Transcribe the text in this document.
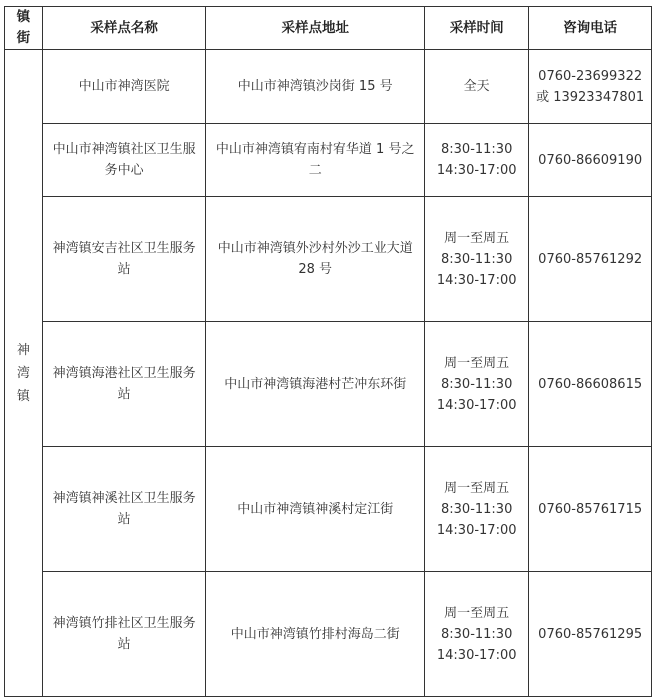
镇街	采样点名称	采样点地址	采样时间	咨询电话

神
湾
镇	中山市神湾医院	中山市神湾镇沙岗街 15 号	全天	0760-23699322
或 13923347801

	中山市神湾镇社区卫生服务中心	中山市神湾镇宥南村宥华道 1 号之二	8:30-11:30
14:30-17:00	0760-86609190

	神湾镇安吉社区卫生服务站	中山市神湾镇外沙村外沙工业大道 28 号	周一至周五
8:30-11:30
14:30-17:00	0760-85761292

	神湾镇海港社区卫生服务站	中山市神湾镇海港村芒冲东环街	周一至周五
8:30-11:30
14:30-17:00	0760-86608615

	神湾镇神溪社区卫生服务站	中山市神湾镇神溪村定江街	周一至周五
8:30-11:30
14:30-17:00	0760-85761715

	神湾镇竹排社区卫生服务站	中山市神湾镇竹排村海岛二街	周一至周五
8:30-11:30
14:30-17:00	0760-85761295
